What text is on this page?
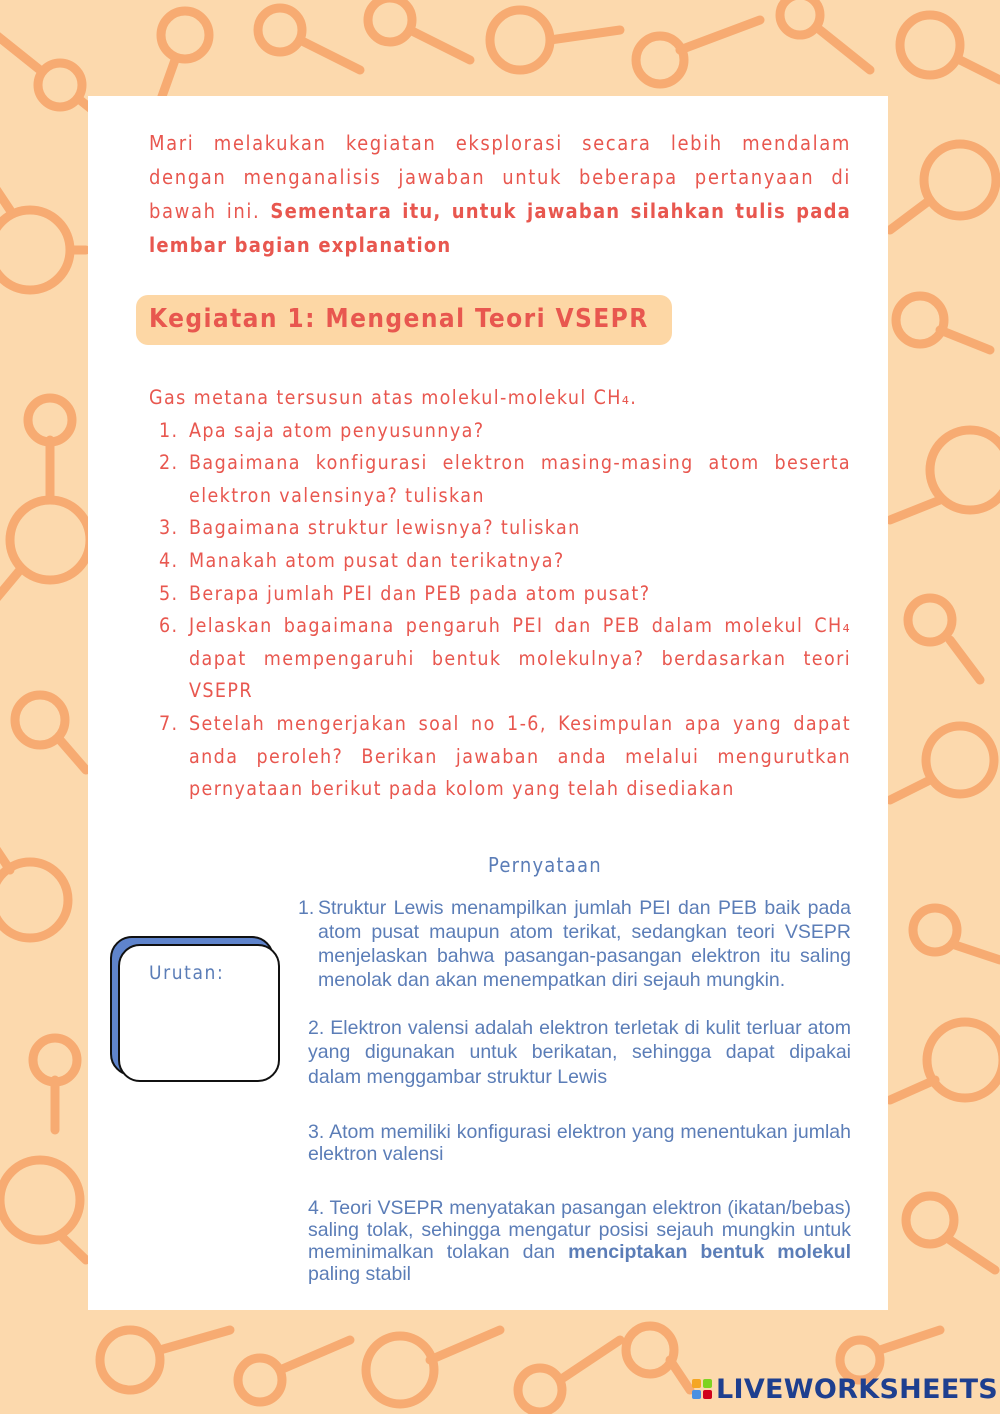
Mari melakukan kegiatan eksplorasi secara lebih mendalam dengan menganalisis jawaban untuk beberapa pertanyaan di bawah ini. Sementara itu, untuk jawaban silahkan tulis pada lembar bagian explanation

Kegiatan 1: Mengenal Teori VSEPR

Gas metana tersusun atas molekul-molekul CH₄.

1. Apa saja atom penyusunnya?
2. Bagaimana konfigurasi elektron masing-masing atom beserta elektron valensinya? tuliskan
3. Bagaimana struktur lewisnya? tuliskan
4. Manakah atom pusat dan terikatnya?
5. Berapa jumlah PEI dan PEB pada atom pusat?
6. Jelaskan bagaimana pengaruh PEI dan PEB dalam molekul CH₄ dapat mempengaruhi bentuk molekulnya? berdasarkan teori VSEPR
7. Setelah mengerjakan soal no 1-6, Kesimpulan apa yang dapat anda peroleh? Berikan jawaban anda melalui mengurutkan pernyataan berikut pada kolom yang telah disediakan
Pernyataan
Urutan:

1. Struktur Lewis menampilkan jumlah PEI dan PEB baik pada atom pusat maupun atom terikat, sedangkan teori VSEPR menjelaskan bahwa pasangan-pasangan elektron itu saling menolak dan akan menempatkan diri sejauh mungkin.

2. Elektron valensi adalah elektron terletak di kulit terluar atom yang digunakan untuk berikatan, sehingga dapat dipakai dalam menggambar struktur Lewis

3. Atom memiliki konfigurasi elektron yang menentukan jumlah elektron valensi

4. Teori VSEPR menyatakan pasangan elektron (ikatan/bebas) saling tolak, sehingga mengatur posisi sejauh mungkin untuk meminimalkan tolakan dan menciptakan bentuk molekul paling stabil

LIVEWORKSHEETS
